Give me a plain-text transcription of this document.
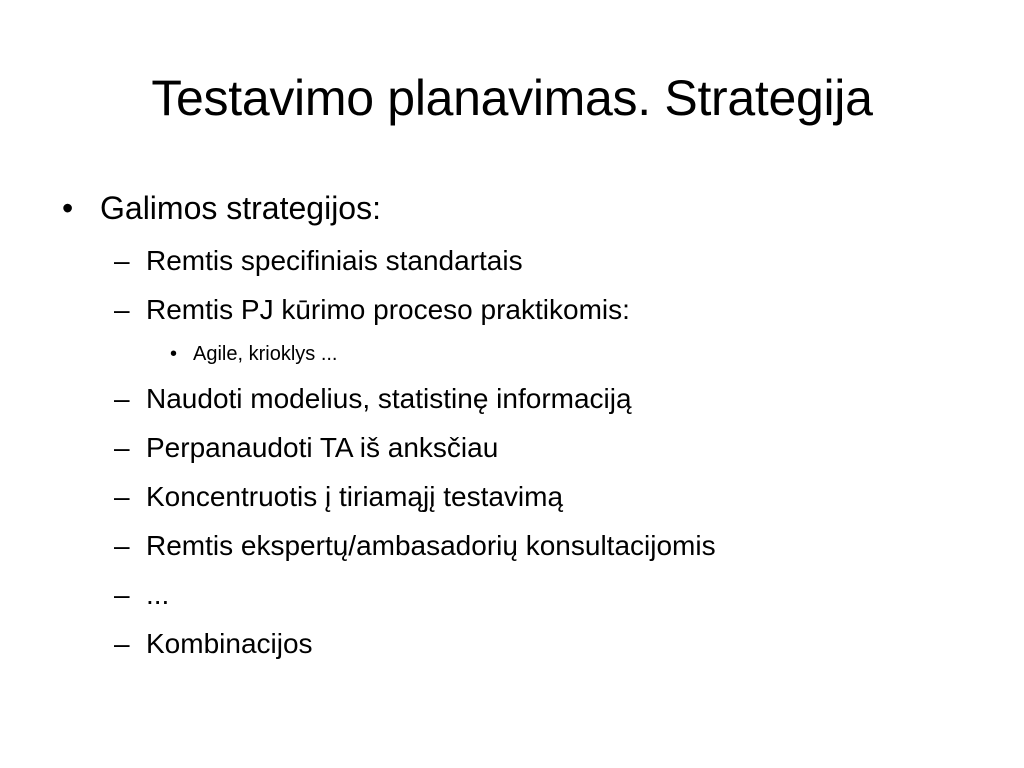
Testavimo planavimas. Strategija
• Galimos strategijos:
– Remtis specifiniais standartais
– Remtis PJ kūrimo proceso praktikomis:
• Agile, krioklys ...
– Naudoti modelius, statistinę informaciją
– Perpanaudoti TA iš anksčiau
– Koncentruotis į tiriamąjį testavimą
– Remtis ekspertų/ambasadorių konsultacijomis
– ...
– Kombinacijos
